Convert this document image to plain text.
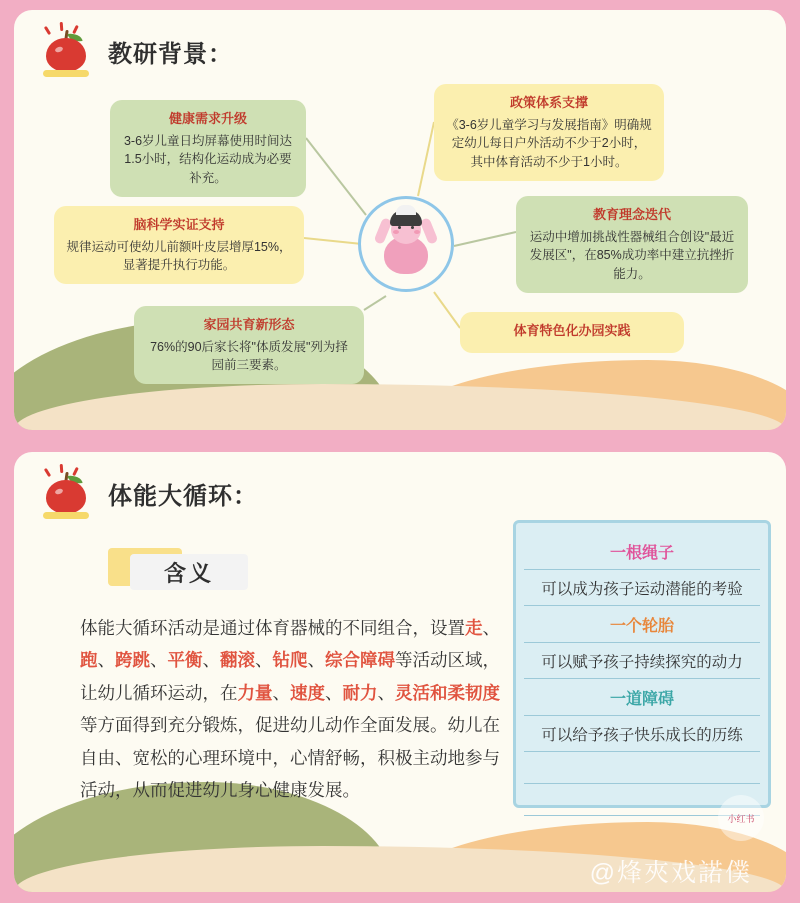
教研背景：
健康需求升级
3-6岁儿童日均屏幕使用时间达1.5小时，结构化运动成为必要补充。
政策体系支撑
《3-6岁儿童学习与发展指南》明确规定幼儿每日户外活动不少于2小时，其中体育活动不少于1小时。
脑科学实证支持
规律运动可使幼儿前额叶皮层增厚15%，显著提升执行功能。
教育理念迭代
运动中增加挑战性器械组合创设"最近发展区"，在85%成功率中建立抗挫折能力。
家园共育新形态
76%的90后家长将"体质发展"列为择园前三要素。
体育特色化办园实践
体能大循环：
含义
体能大循环活动是通过体育器械的不同组合，设置走、跑、跨跳、平衡、翻滚、钻爬、综合障碍等活动区域，让幼儿循环运动，在力量、速度、耐力、灵活和柔韧度等方面得到充分锻炼，促进幼儿动作全面发展。幼儿在自由、宽松的心理环境中，心情舒畅，积极主动地参与活动，从而促进幼儿身心健康发展。
一根绳子
可以成为孩子运动潜能的考验
一个轮胎
可以赋予孩子持续探究的动力
一道障碍
可以给予孩子快乐成长的历练

小红书
@烽夾戏諾僕
